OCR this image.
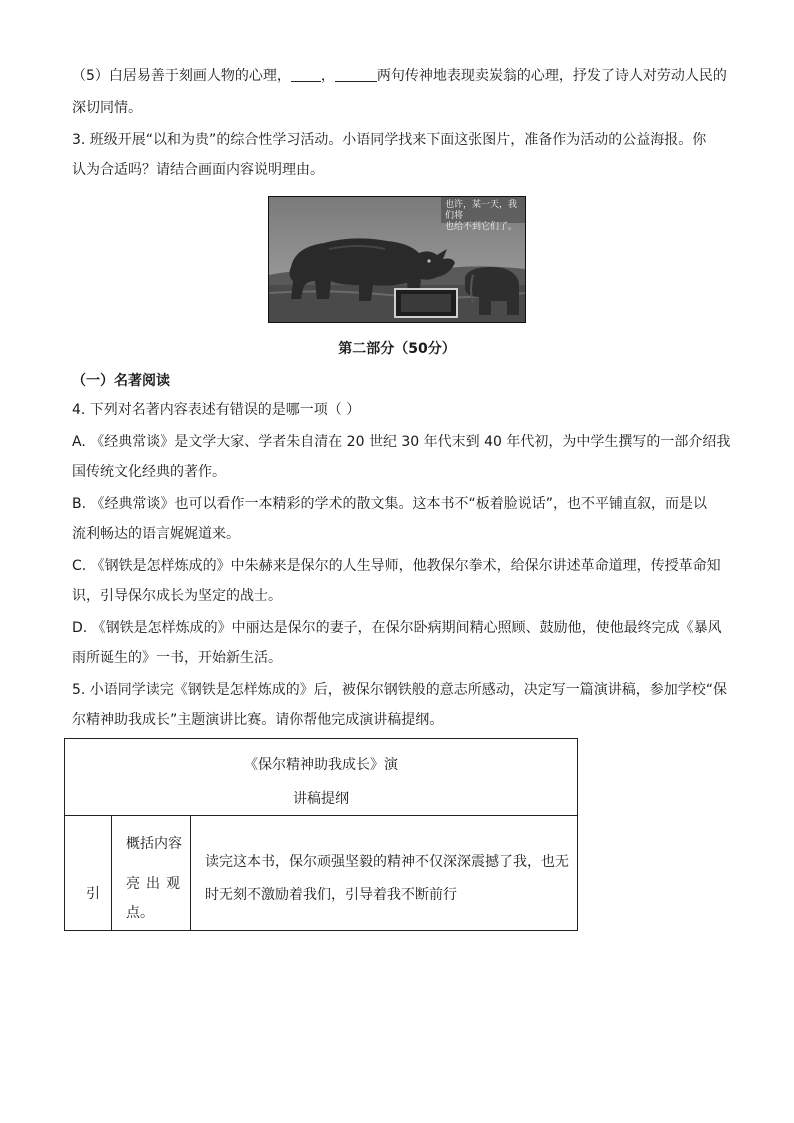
（5）白居易善于刻画人物的心理， ，	两句传神地表现卖炭翁的心理，抒发了诗人对劳动人民的
深切同情。
3. 班级开展“以和为贵”的综合性学习活动。小语同学找来下面这张图片，准备作为活动的公益海报。你
认为合适吗？请结合画面内容说明理由。
也许，某一天，我们将
也给不到它们了。
第二部分（50分）
（一）名著阅读
4. 下列对名著内容表述有错误的是哪一项（ ）
A. 《经典常谈》是文学大家、学者朱自清在 20 世纪 30 年代末到 40 年代初，为中学生撰写的一部介绍我
国传统文化经典的著作。
B. 《经典常谈》也可以看作一本精彩的学术的散文集。这本书不“板着脸说话”，也不平铺直叙，而是以
流利畅达的语言娓娓道来。
C. 《钢铁是怎样炼成的》中朱赫来是保尔的人生导师，他教保尔拳术，给保尔讲述革命道理，传授革命知
识，引导保尔成长为坚定的战士。
D. 《钢铁是怎样炼成的》中丽达是保尔的妻子，在保尔卧病期间精心照顾、鼓励他，使他最终完成《暴风
雨所诞生的》一书，开始新生活。
5. 小语同学读完《钢铁是怎样炼成的》后，被保尔钢铁般的意志所感动，决定写一篇演讲稿，参加学校“保
尔精神助我成长”主题演讲比赛。请你帮他完成演讲稿提纲。
《保尔精神助我成长》演
讲稿提纲
引
概括内容
亮出观
点。
读完这本书，保尔顽强坚毅的精神不仅深深震撼了我，也无
时无刻不激励着我们，引导着我不断前行
